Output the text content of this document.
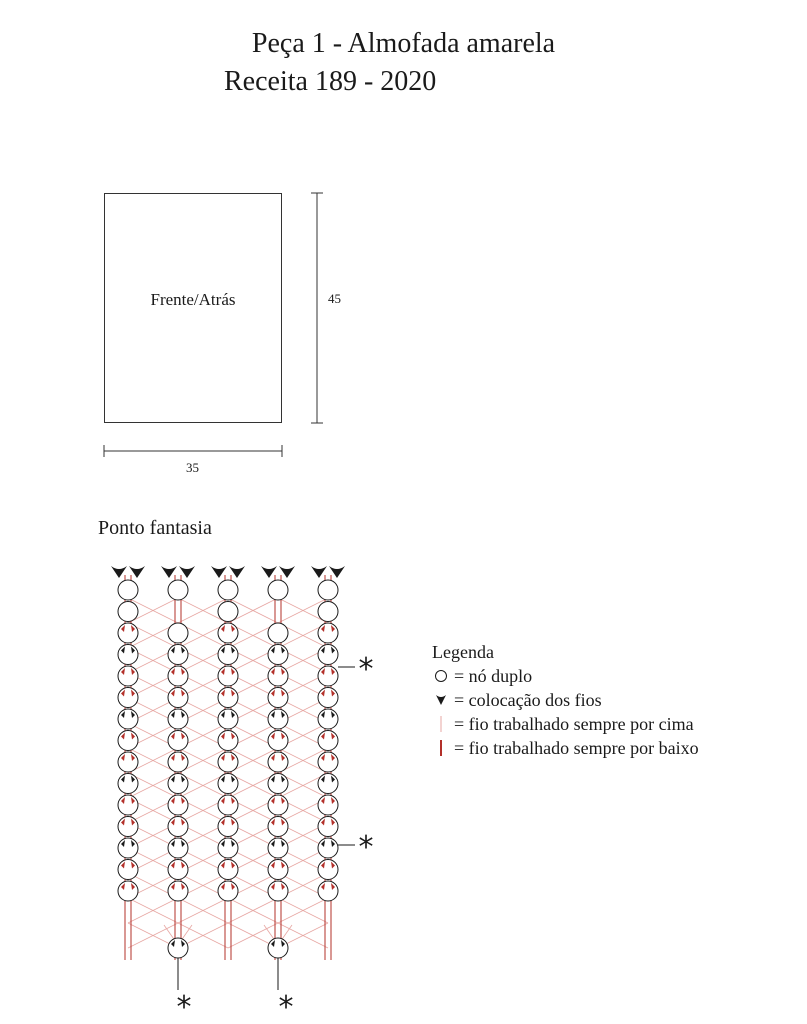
Peça 1 - Almofada amarela
Receita 189 - 2020
Frente/Atrás
35
45
Ponto fantasia
*
*
*	*
Legenda
= nó duplo
= colocação dos fios
= fio trabalhado sempre por cima
= fio trabalhado sempre por baixo
